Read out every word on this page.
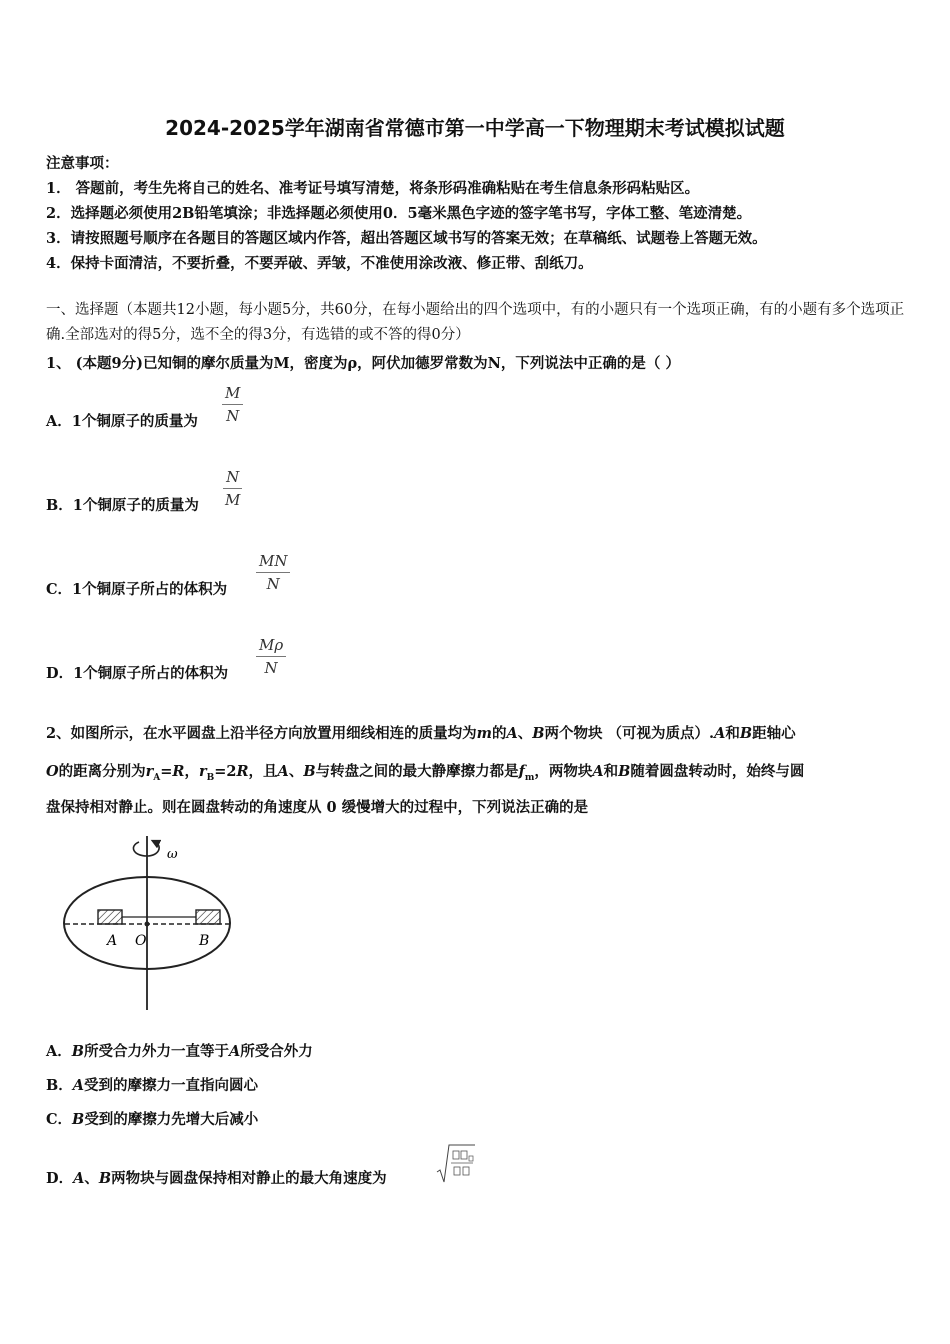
2024-2025学年湖南省常德市第一中学高一下物理期末考试模拟试题
注意事项：
1． 答题前，考生先将自己的姓名、准考证号填写清楚，将条形码准确粘贴在考生信息条形码粘贴区。
2．选择题必须使用2B铅笔填涂；非选择题必须使用0．5毫米黑色字迹的签字笔书写，字体工整、笔迹清楚。
3．请按照题号顺序在各题目的答题区域内作答，超出答题区域书写的答案无效；在草稿纸、试题卷上答题无效。
4．保持卡面清洁，不要折叠，不要弄破、弄皱，不准使用涂改液、修正带、刮纸刀。
一、选择题（本题共12小题，每小题5分，共60分，在每小题给出的四个选项中，有的小题只有一个选项正确，有的小题有多个选项正确.全部选对的得5分，选不全的得3分，有选错的或不答的得0分）
1、 (本题9分)已知铜的摩尔质量为M，密度为ρ，阿伏加德罗常数为N，下列说法中正确的是（ ）
A．1个铜原子的质量为 $\frac{M}{N}$
B．1个铜原子的质量为 $\frac{N}{M}$
C．1个铜原子所占的体积为 $\frac{MN}{N}$
D．1个铜原子所占的体积为 $\frac{M\rho}{N}$
2、如图所示，在水平圆盘上沿半径方向放置用细线相连的质量均为m的A、B两个物块 （可视为质点）.A和B距轴心
O的距离分别为$r_A=R$，$r_B=2R$，且A、B与转盘之间的最大静摩擦力都是$f_m$，两物块A和B随着圆盘转动时，始终与圆
盘保持相对静止。则在圆盘转动的角速度从 0 缓慢增大的过程中，下列说法正确的是
ω
A O	B
A．B所受合力外力一直等于A所受合外力
B．A受到的摩擦力一直指向圆心
C．B受到的摩擦力先增大后减小
D．A、B两物块与圆盘保持相对静止的最大角速度为
